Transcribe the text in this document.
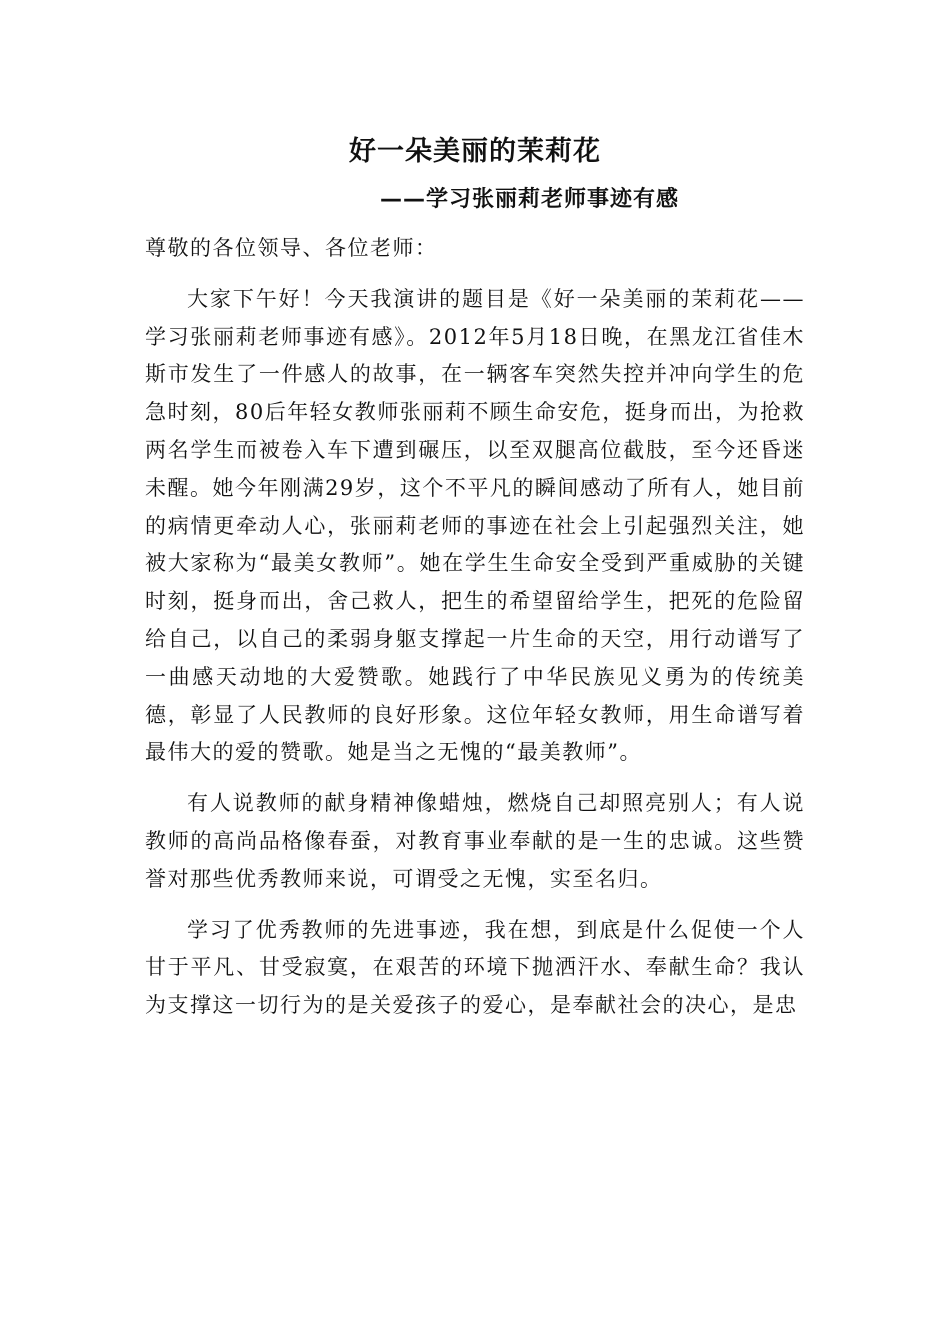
好一朵美丽的茉莉花
——学习张丽莉老师事迹有感

尊敬的各位领导、各位老师：

大家下午好！今天我演讲的题目是《好一朵美丽的茉莉花——学习张丽莉老师事迹有感》。2012年5月18日晚，在黑龙江省佳木斯市发生了一件感人的故事，在一辆客车突然失控并冲向学生的危急时刻，80后年轻女教师张丽莉不顾生命安危，挺身而出，为抢救两名学生而被卷入车下遭到碾压，以至双腿高位截肢，至今还昏迷未醒。她今年刚满29岁，这个不平凡的瞬间感动了所有人，她目前的病情更牵动人心，张丽莉老师的事迹在社会上引起强烈关注，她被大家称为“最美女教师”。她在学生生命安全受到严重威胁的关键时刻，挺身而出，舍己救人，把生的希望留给学生，把死的危险留给自己，以自己的柔弱身躯支撑起一片生命的天空，用行动谱写了一曲感天动地的大爱赞歌。她践行了中华民族见义勇为的传统美德，彰显了人民教师的良好形象。这位年轻女教师，用生命谱写着最伟大的爱的赞歌。她是当之无愧的“最美教师”。

有人说教师的献身精神像蜡烛，燃烧自己却照亮别人；有人说教师的高尚品格像春蚕，对教育事业奉献的是一生的忠诚。这些赞誉对那些优秀教师来说，可谓受之无愧，实至名归。

学习了优秀教师的先进事迹，我在想，到底是什么促使一个人甘于平凡、甘受寂寞，在艰苦的环境下抛洒汗水、奉献生命？我认为支撑这一切行为的是关爱孩子的爱心，是奉献社会的决心，是忠
